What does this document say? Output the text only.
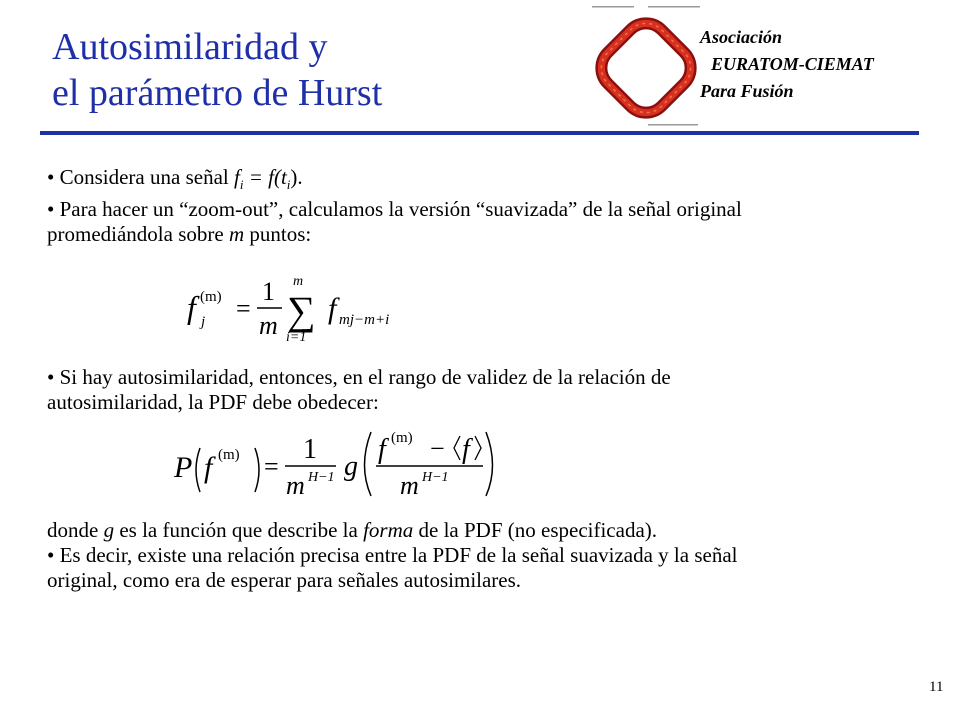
Autosimilaridad y
el parámetro de Hurst
Asociación
EURATOM-CIEMAT
Para Fusión

• Considera una señal $f_i = f(t_i)$.

• Para hacer un “zoom-out”, calculamos la versión “suavizada” de la señal original

promediándola sobre m puntos:

f (m)
j =
1
m
m
∑
i=1
f mj−m+i

• Si hay autosimilaridad, entonces, en el rango de validez de la relación de

autosimilaridad, la PDF debe obedecer:

P f (m) =
1
m H−1 g
f (m) − f
m H−1

donde g es la función que describe la forma de la PDF (no especificada).

• Es decir, existe una relación precisa entre la PDF de la señal suavizada y la señal

original, como era de esperar para señales autosimilares.

11
